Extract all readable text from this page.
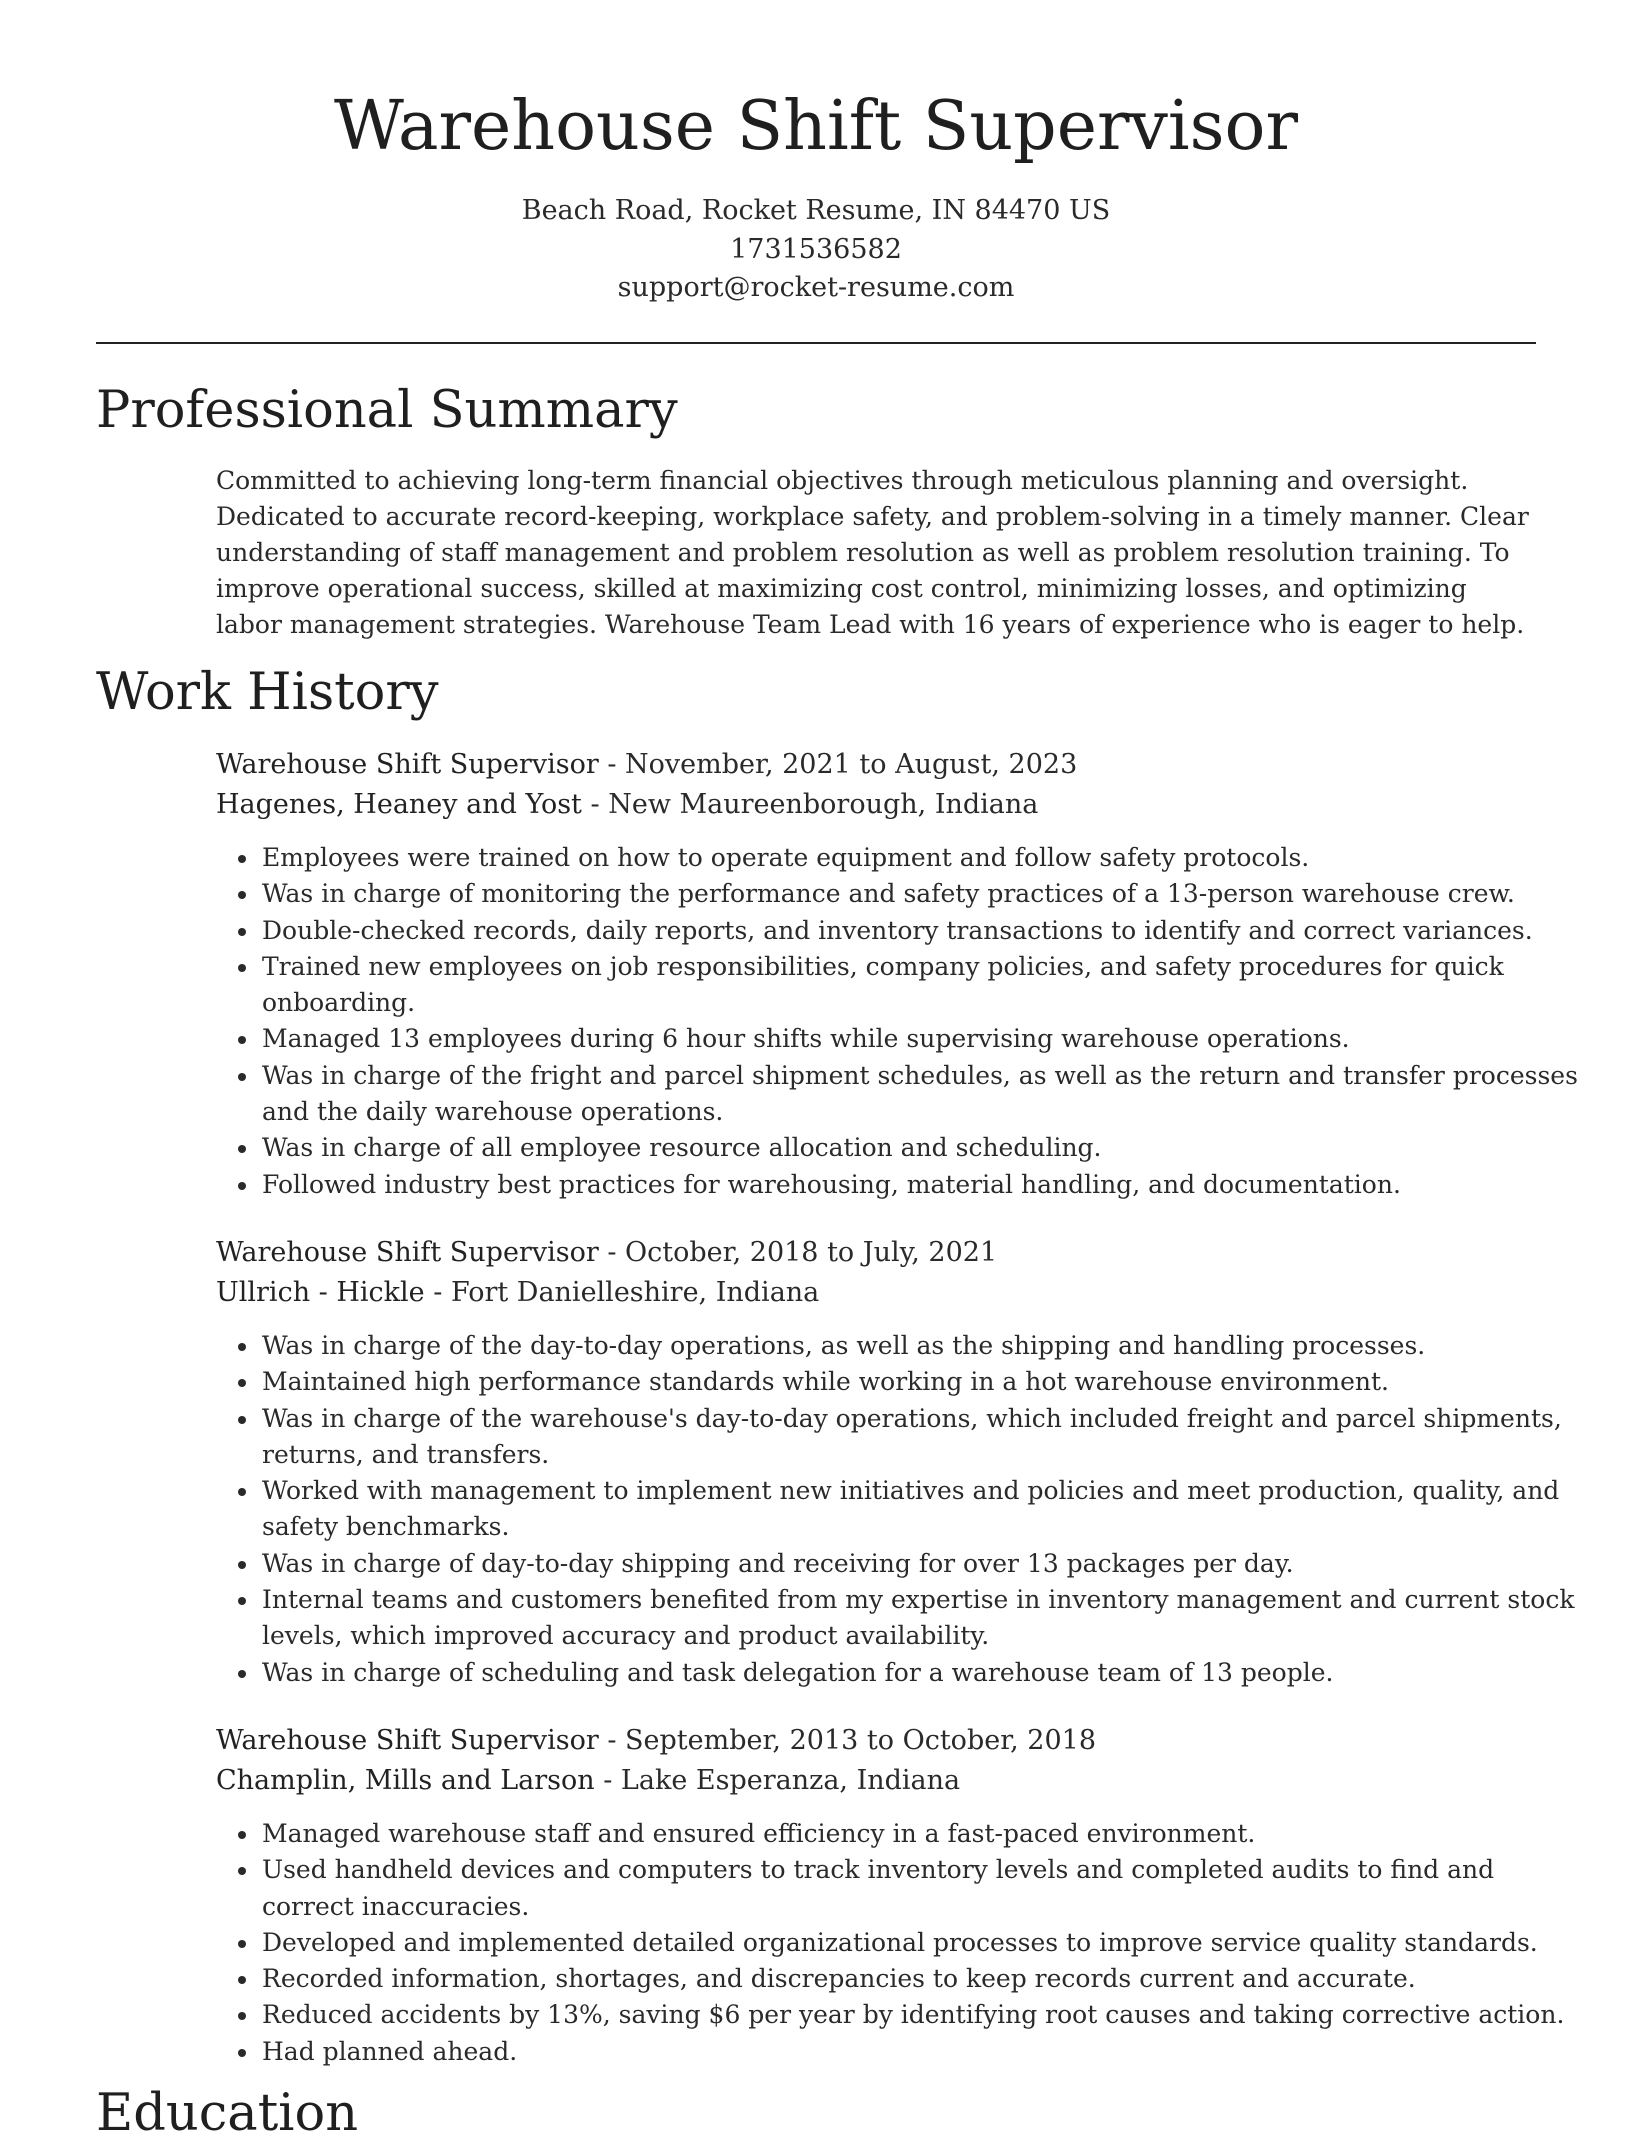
Warehouse Shift Supervisor

Beach Road, Rocket Resume, IN 84470 US

1731536582

support@rocket-resume.com

Professional Summary

Committed to achieving long-term financial objectives through meticulous planning and oversight. Dedicated to accurate record-keeping, workplace safety, and problem-solving in a timely manner. Clear understanding of staff management and problem resolution as well as problem resolution training. To improve operational success, skilled at maximizing cost control, minimizing losses, and optimizing labor management strategies. Warehouse Team Lead with 16 years of experience who is eager to help.

Work History

Warehouse Shift Supervisor - November, 2021 to August, 2023

Hagenes, Heaney and Yost - New Maureenborough, Indiana

• Employees were trained on how to operate equipment and follow safety protocols.
• Was in charge of monitoring the performance and safety practices of a 13-person warehouse crew.
• Double-checked records, daily reports, and inventory transactions to identify and correct variances.
• Trained new employees on job responsibilities, company policies, and safety procedures for quick onboarding.
• Managed 13 employees during 6 hour shifts while supervising warehouse operations.
• Was in charge of the fright and parcel shipment schedules, as well as the return and transfer processes and the daily warehouse operations.
• Was in charge of all employee resource allocation and scheduling.
• Followed industry best practices for warehousing, material handling, and documentation.

Warehouse Shift Supervisor - October, 2018 to July, 2021

Ullrich - Hickle - Fort Danielleshire, Indiana

• Was in charge of the day-to-day operations, as well as the shipping and handling processes.
• Maintained high performance standards while working in a hot warehouse environment.
• Was in charge of the warehouse's day-to-day operations, which included freight and parcel shipments, returns, and transfers.
• Worked with management to implement new initiatives and policies and meet production, quality, and safety benchmarks.
• Was in charge of day-to-day shipping and receiving for over 13 packages per day.
• Internal teams and customers benefited from my expertise in inventory management and current stock levels, which improved accuracy and product availability.
• Was in charge of scheduling and task delegation for a warehouse team of 13 people.

Warehouse Shift Supervisor - September, 2013 to October, 2018

Champlin, Mills and Larson - Lake Esperanza, Indiana

• Managed warehouse staff and ensured efficiency in a fast-paced environment.
• Used handheld devices and computers to track inventory levels and completed audits to find and correct inaccuracies.
• Developed and implemented detailed organizational processes to improve service quality standards.
• Recorded information, shortages, and discrepancies to keep records current and accurate.
• Reduced accidents by 13%, saving $6 per year by identifying root causes and taking corrective action.
• Had planned ahead.
Education
